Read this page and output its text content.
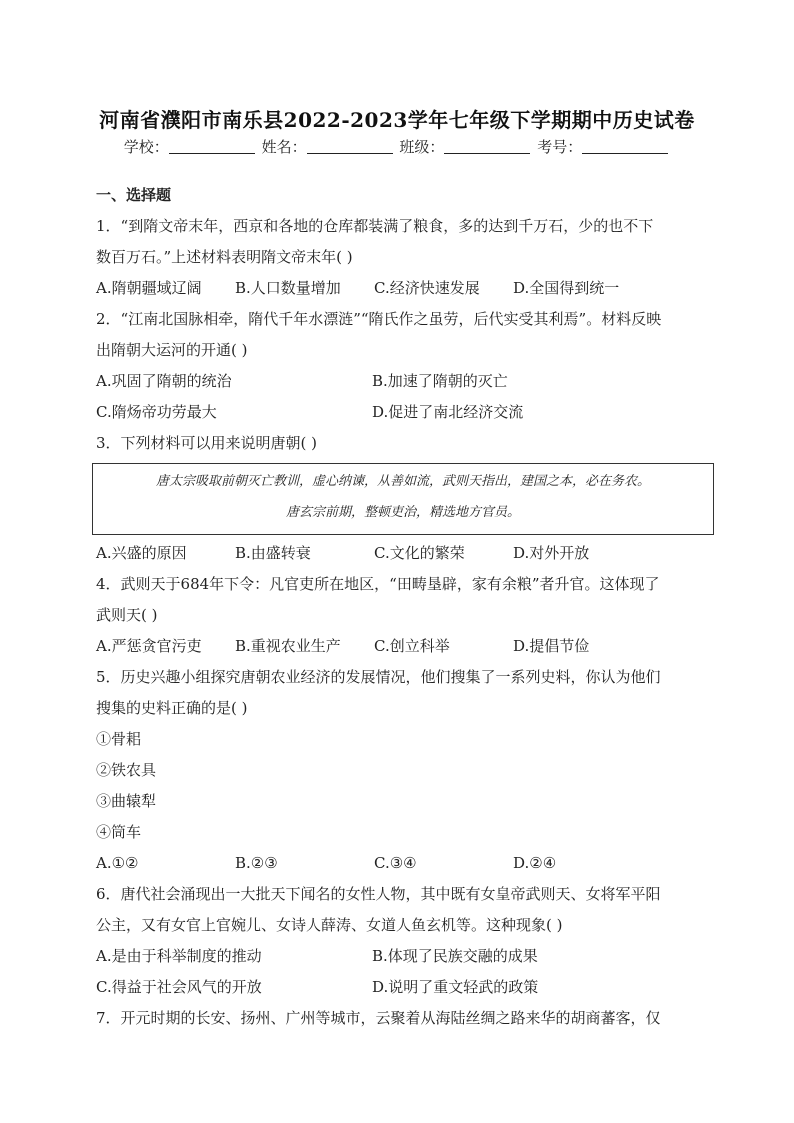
河南省濮阳市南乐县2022-2023学年七年级下学期期中历史试卷
学校：	姓名：	班级：	考号：
一、选择题
1．“到隋文帝末年，西京和各地的仓库都装满了粮食，多的达到千万石，少的也不下
数百万石。”上述材料表明隋文帝末年( )
A.隋朝疆域辽阔	B.人口数量增加	C.经济快速发展	D.全国得到统一
2．“江南北国脉相牵，隋代千年水漂涟”“隋氏作之虽劳，后代实受其利焉”。材料反映
出隋朝大运河的开通( )
A.巩固了隋朝的统治	B.加速了隋朝的灭亡
C.隋炀帝功劳最大	D.促进了南北经济交流
3．下列材料可以用来说明唐朝( )
唐太宗吸取前朝灭亡教训，虚心纳谏，从善如流，武则天指出，建国之本，必在务农。
唐玄宗前期，整顿吏治，精选地方官员。
A.兴盛的原因	B.由盛转衰	C.文化的繁荣	D.对外开放
4．武则天于684年下令：凡官吏所在地区，“田畴垦辟，家有余粮”者升官。这体现了
武则天( )
A.严惩贪官污吏	B.重视农业生产	C.创立科举	D.提倡节俭
5．历史兴趣小组探究唐朝农业经济的发展情况，他们搜集了一系列史料，你认为他们
搜集的史料正确的是( )
①骨耜
②铁农具
③曲辕犁
④筒车
A.①②	B.②③	C.③④	D.②④
6．唐代社会涌现出一大批天下闻名的女性人物，其中既有女皇帝武则天、女将军平阳
公主，又有女官上官婉儿、女诗人薛涛、女道人鱼玄机等。这种现象( )
A.是由于科举制度的推动	B.体现了民族交融的成果
C.得益于社会风气的开放	D.说明了重文轻武的政策
7．开元时期的长安、扬州、广州等城市，云聚着从海陆丝绸之路来华的胡商蕃客，仅
